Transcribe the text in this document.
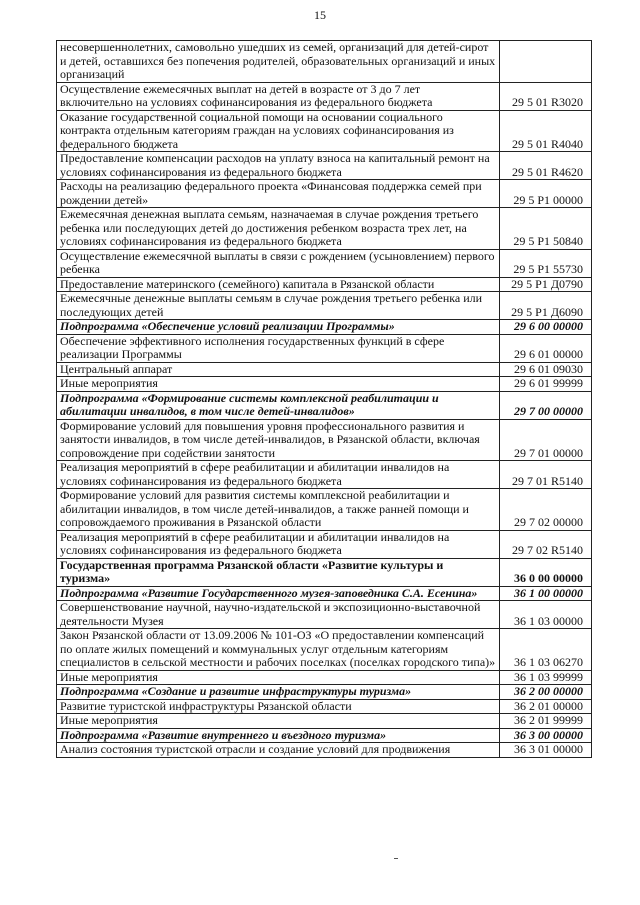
15
несовершеннолетних, самовольно ушедших из семей, организаций для детей-сирот и детей, оставшихся без попечения родителей, образовательных организаций и иных организаций	
Осуществление ежемесячных выплат на детей в возрасте от 3 до 7 лет включительно на условиях софинансирования из федерального бюджета	29 5 01 R3020
Оказание государственной социальной помощи на основании социального контракта отдельным категориям граждан на условиях софинансирования из федерального бюджета	29 5 01 R4040
Предоставление компенсации расходов на уплату взноса на капитальный ремонт на условиях софинансирования из федерального бюджета	29 5 01 R4620
Расходы на реализацию федерального проекта «Финансовая поддержка семей при рождении детей»	29 5 P1 00000
Ежемесячная денежная выплата семьям, назначаемая в случае рождения третьего ребенка или последующих детей до достижения ребенком возраста трех лет, на условиях софинансирования из федерального бюджета	29 5 P1 50840
Осуществление ежемесячной выплаты в связи с рождением (усыновлением) первого ребенка	29 5 P1 55730
Предоставление материнского (семейного) капитала в Рязанской области	29 5 P1 Д0790
Ежемесячные денежные выплаты семьям в случае рождения третьего ребенка или последующих детей	29 5 P1 Д6090
Подпрограмма «Обеспечение условий реализации Программы»	29 6 00 00000
Обеспечение эффективного исполнения государственных функций в сфере реализации Программы	29 6 01 00000
Центральный аппарат	29 6 01 09030
Иные мероприятия	29 6 01 99999
Подпрограмма «Формирование системы комплексной реабилитации и абилитации инвалидов, в том числе детей-инвалидов»	29 7 00 00000
Формирование условий для повышения уровня профессионального развития и занятости инвалидов, в том числе детей-инвалидов, в Рязанской области, включая сопровождение при содействии занятости	29 7 01 00000
Реализация мероприятий в сфере реабилитации и абилитации инвалидов на условиях софинансирования из федерального бюджета	29 7 01 R5140
Формирование условий для развития системы комплексной реабилитации и абилитации инвалидов, в том числе детей-инвалидов, а также ранней помощи и сопровождаемого проживания в Рязанской области	29 7 02 00000
Реализация мероприятий в сфере реабилитации и абилитации инвалидов на условиях софинансирования из федерального бюджета	29 7 02 R5140
Государственная программа Рязанской области «Развитие культуры и туризма»	36 0 00 00000
Подпрограмма «Развитие Государственного музея-заповедника С.А. Есенина»	36 1 00 00000
Совершенствование научной, научно-издательской и экспозиционно-выставочной деятельности Музея	36 1 03 00000
Закон Рязанской области от 13.09.2006 № 101-ОЗ «О предоставлении компенсаций по оплате жилых помещений и коммунальных услуг отдельным категориям специалистов в сельской местности и рабочих поселках (поселках городского типа)»	36 1 03 06270
Иные мероприятия	36 1 03 99999
Подпрограмма «Создание и развитие инфраструктуры туризма»	36 2 00 00000
Развитие туристской инфраструктуры Рязанской области	36 2 01 00000
Иные мероприятия	36 2 01 99999
Подпрограмма «Развитие внутреннего и въездного туризма»	36 3 00 00000
Анализ состояния туристской отрасли и создание условий для продвижения	36 3 01 00000
